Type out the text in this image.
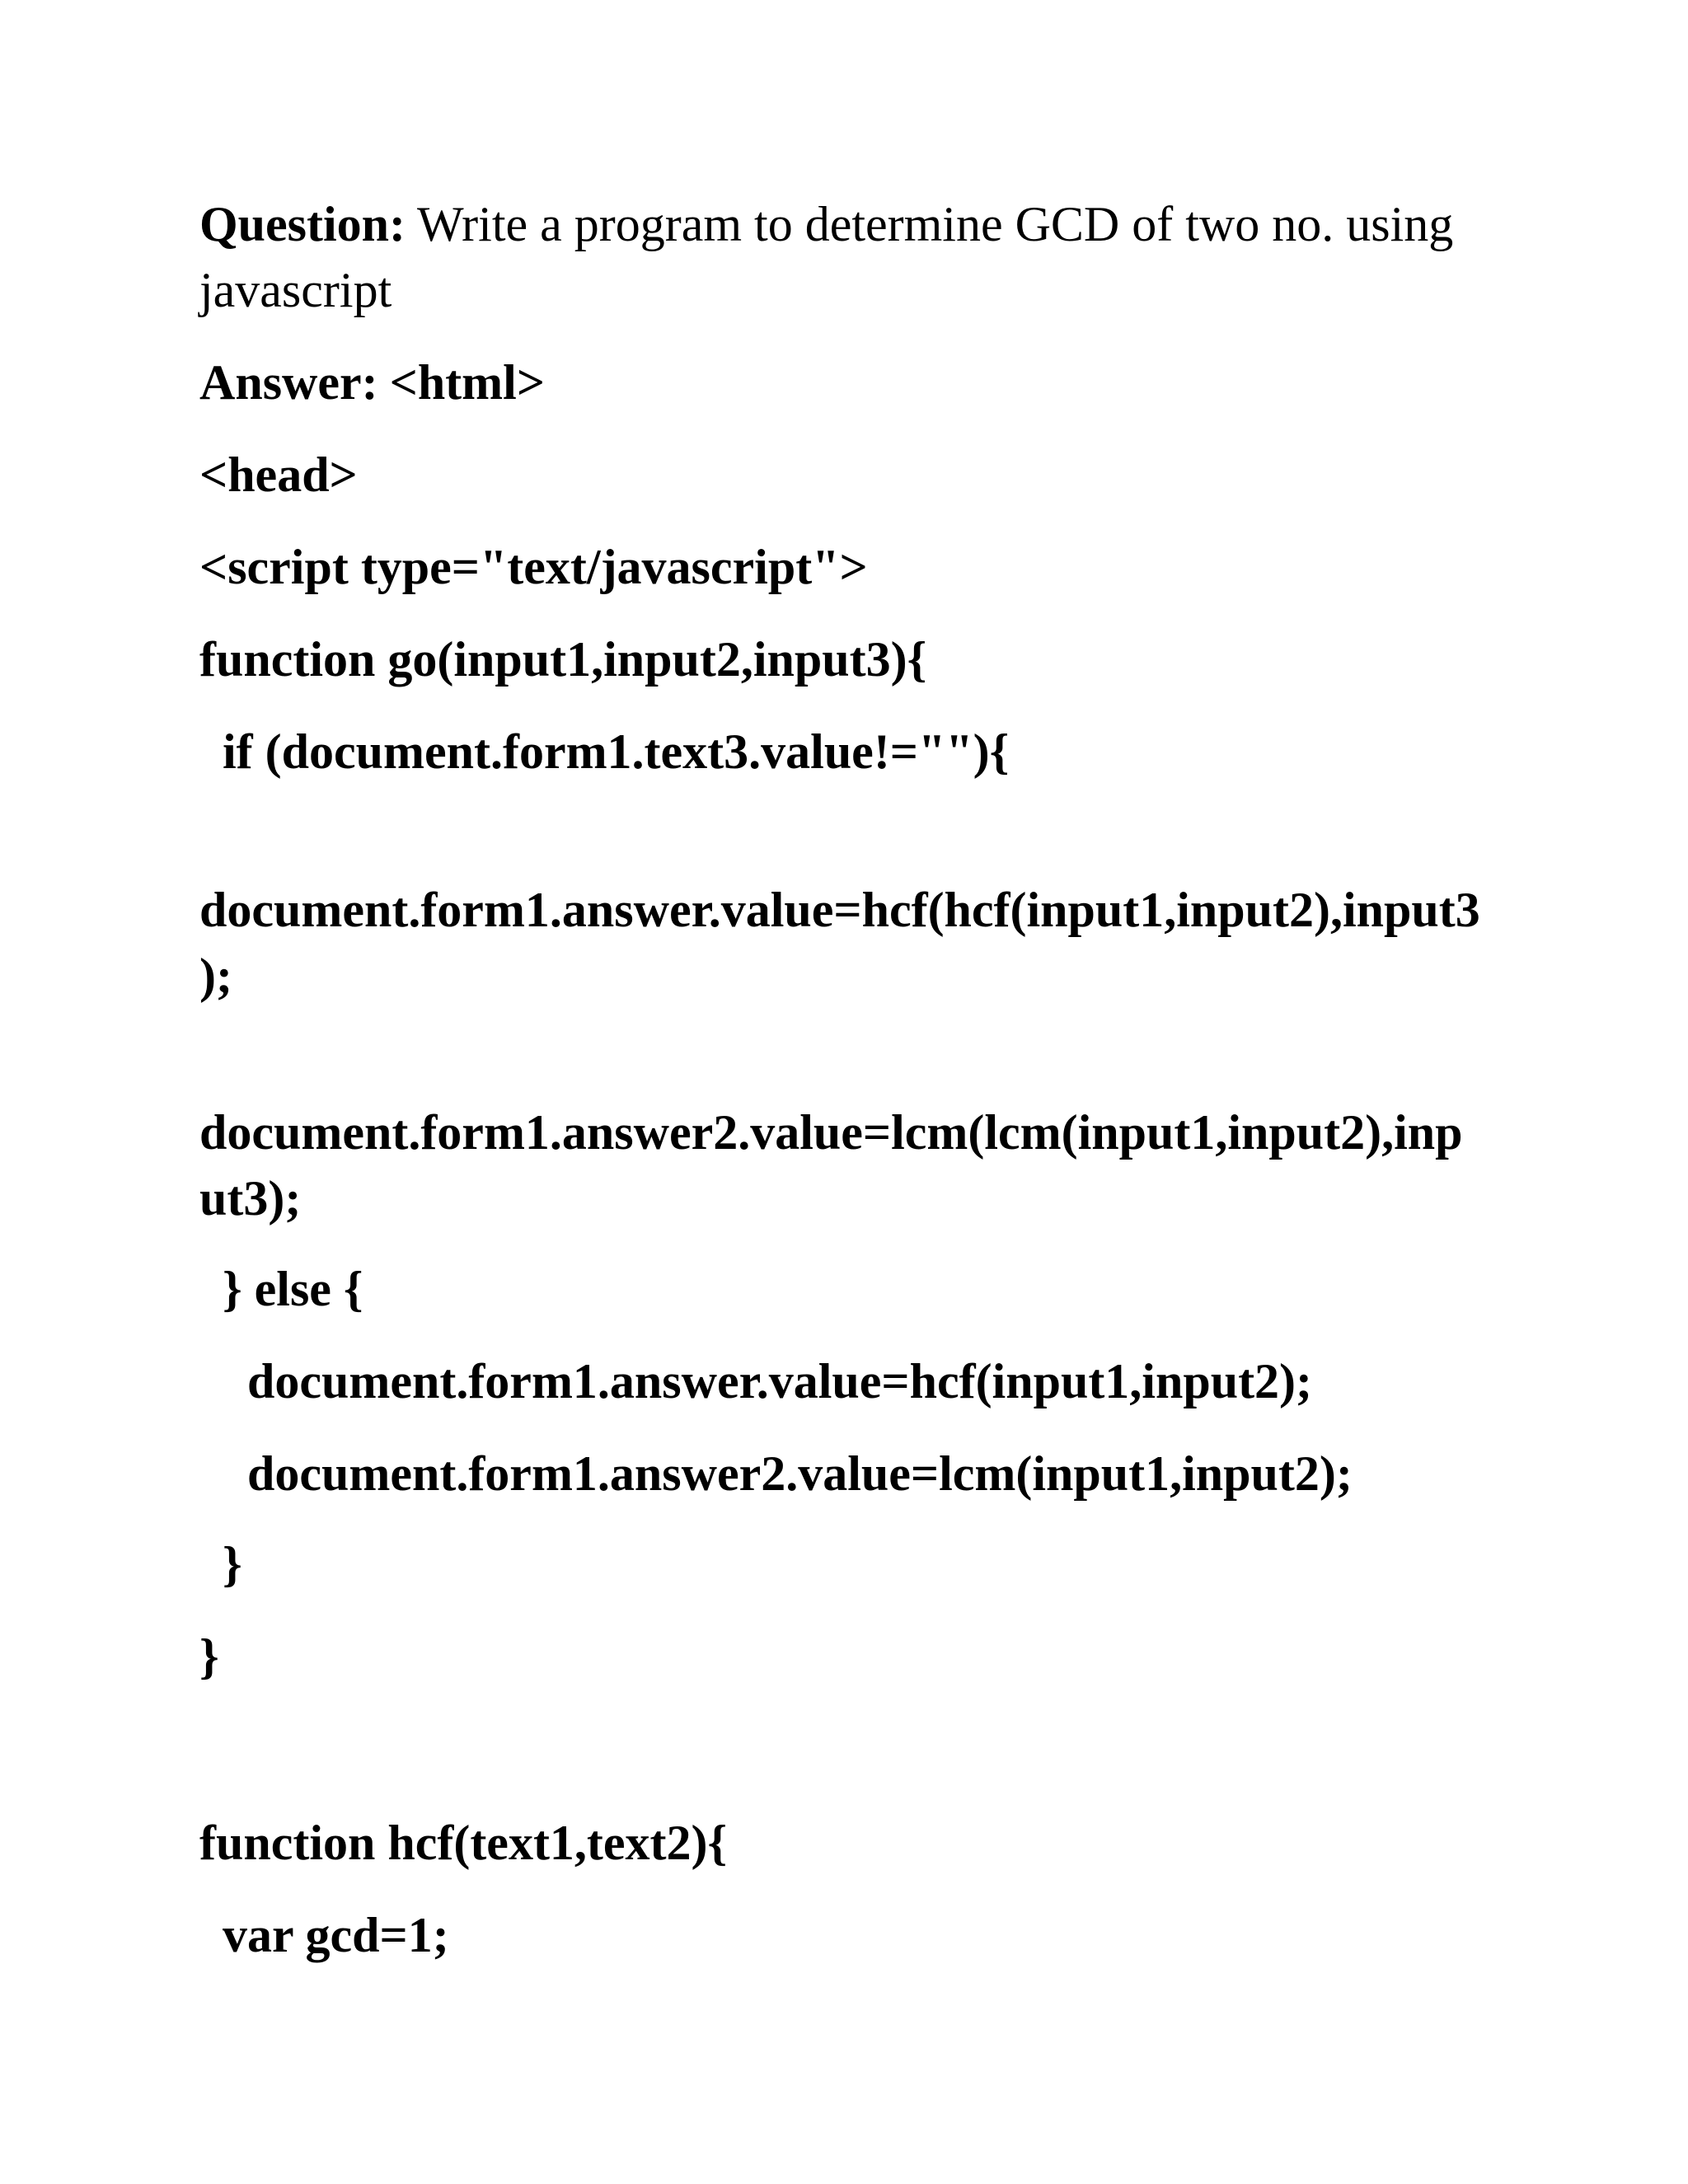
Question: Write a program to determine GCD of two no. using
javascript
Answer: <html>
<head>
<script type="text/javascript">
function go(input1,input2,input3){
if (document.form1.text3.value!=""){
document.form1.answer.value=hcf(hcf(input1,input2),input3
);
document.form1.answer2.value=lcm(lcm(input1,input2),inp
ut3);
} else {
document.form1.answer.value=hcf(input1,input2);
document.form1.answer2.value=lcm(input1,input2);
}
}
function hcf(text1,text2){
var gcd=1;
